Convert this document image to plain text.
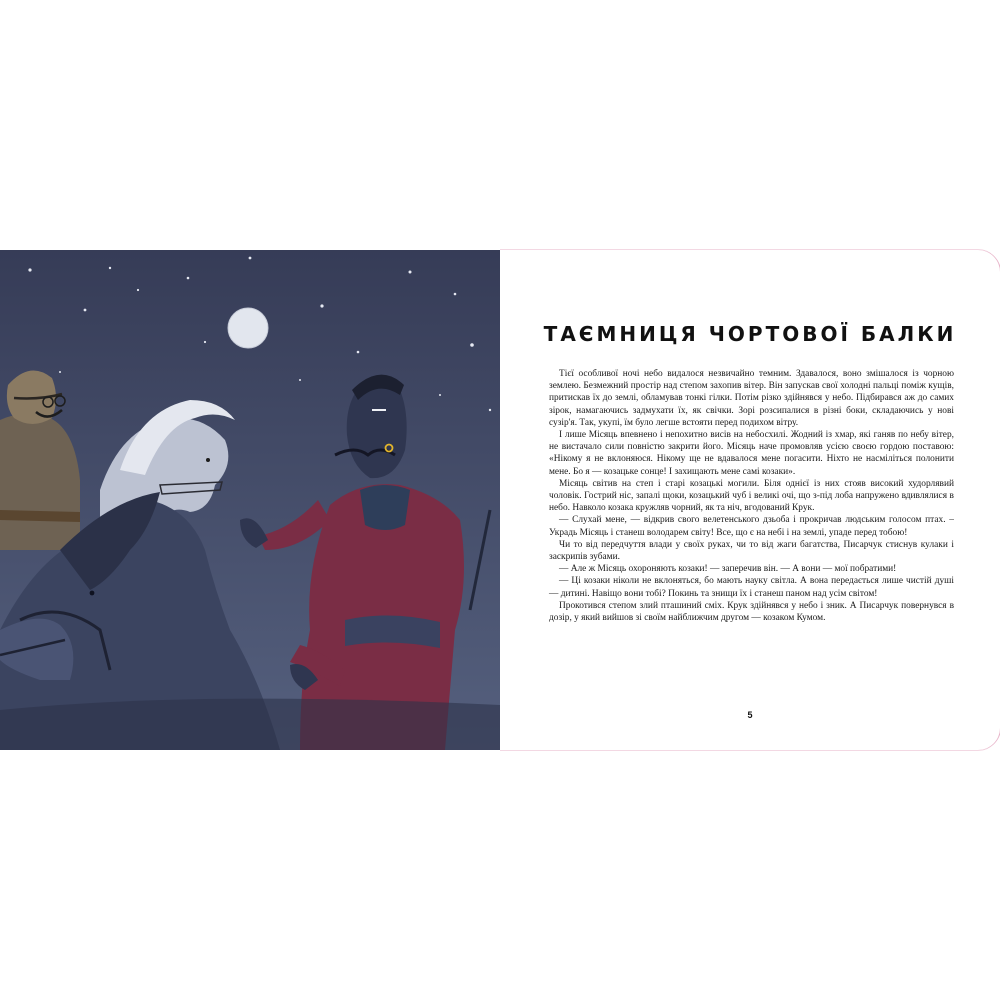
ТАЄМНИЦЯ ЧОРТОВОЇ БАЛКИ

Тієї особливої ночі небо видалося незвичайно темним. Здавалося, воно змішалося із чорною землею. Безмежний простір над степом захопив вітер. Він запускав свої холодні пальці поміж кущів, притискав їх до землі, обламував тонкі гілки. Потім різко здійнявся у небо. Підбирався аж до самих зірок, намагаючись задмухати їх, як свічки. Зорі розсипалися в різні боки, складаючись у нові сузір'я. Так, укупі, їм було легше встояти перед подихом вітру.

І лише Місяць впевнено і непохитно висів на небосхилі. Жодний із хмар, які ганяв по небу вітер, не вистачало сили повністю закрити його. Місяць наче промовляв усією своєю гордою поставою: «Нікому я не вклоняюся. Нікому ще не вдавалося мене погасити. Ніхто не насміліться полонити мене. Бо я — козацьке сонце! І захищають мене самі козаки».

Місяць світив на степ і старі козацькі могили. Біля однієї із них стояв високий худорлявий чоловік. Гострий ніс, запалі щоки, козацький чуб і великі очі, що з-під лоба напружено вдивлялися в небо. Навколо козака кружляв чорний, як та ніч, вгодований Крук.

— Слухай мене, — відкрив свого велетенського дзьоба і прокричав людським голосом птах. – Украдь Місяць і станеш володарем світу! Все, що є на небі і на землі, упаде перед тобою!

Чи то від передчуття влади у своїх руках, чи то від жаги багатства, Писарчук стиснув кулаки і заскрипів зубами.

— Але ж Місяць охороняють козаки! — заперечив він. — А вони — мої побратими!

— Ці козаки ніколи не вклоняться, бо мають науку світла. А вона передається лише чистій душі — дитині. Навіщо вони тобі? Покинь та знищи їх і станеш паном над усім світом!

Прокотився степом злий пташиний сміх. Крук здійнявся у небо і зник. А Писарчук повернувся в дозір, у який вийшов зі своїм найближчим другом — козаком Кумом.

5
